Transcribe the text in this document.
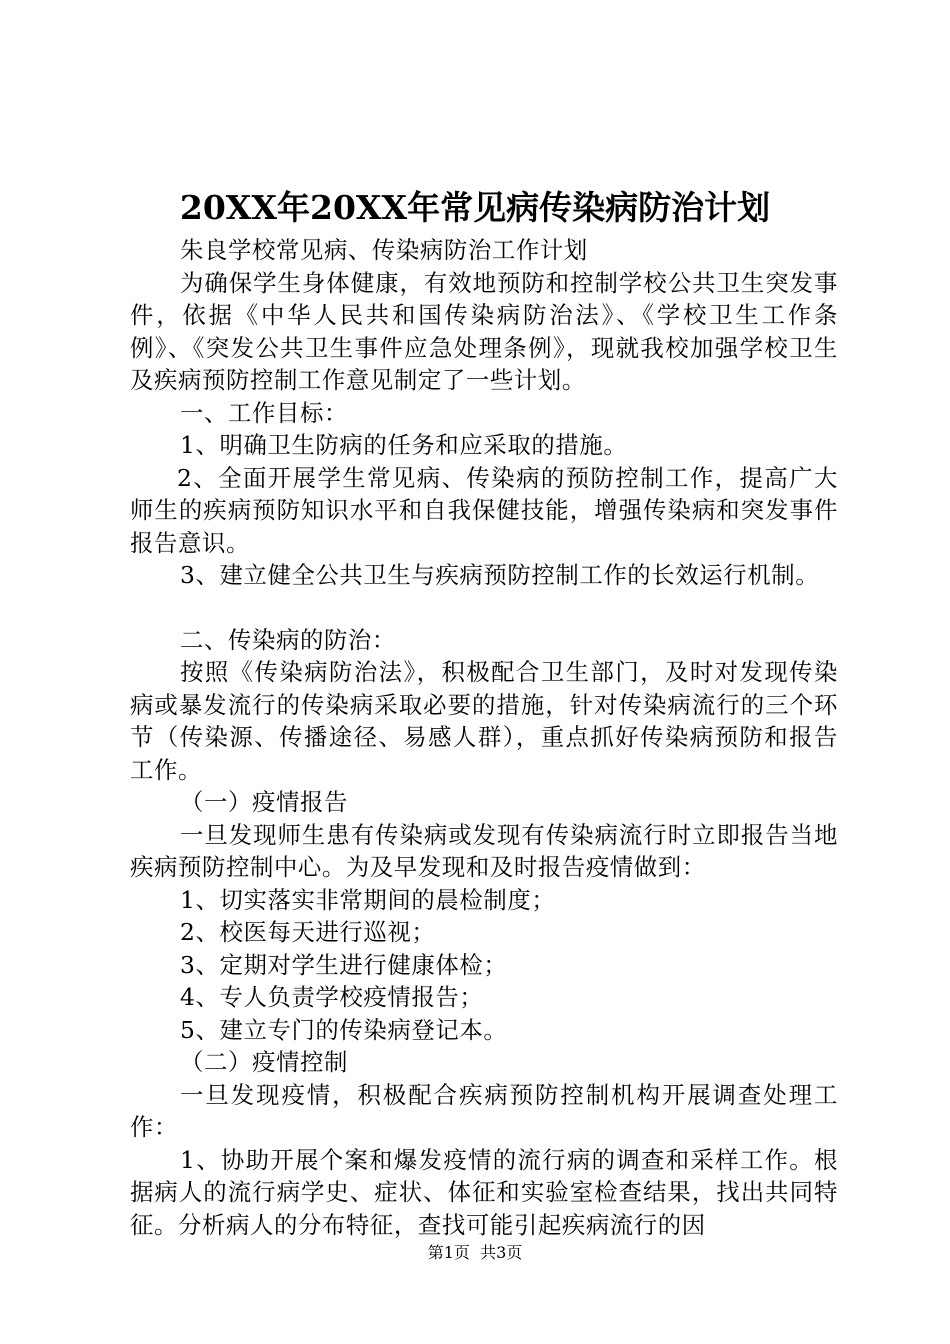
20XX年20XX年常见病传染病防治计划

朱良学校常见病、传染病防治工作计划

为确保学生身体健康，有效地预防和控制学校公共卫生突发事件，依据《中华人民共和国传染病防治法》、《学校卫生工作条例》、《突发公共卫生事件应急处理条例》，现就我校加强学校卫生及疾病预防控制工作意见制定了一些计划。

一、工作目标：

1、明确卫生防病的任务和应采取的措施。

2、全面开展学生常见病、传染病的预防控制工作，提高广大师生的疾病预防知识水平和自我保健技能，增强传染病和突发事件报告意识。

3、建立健全公共卫生与疾病预防控制工作的长效运行机制。

二、传染病的防治：

按照《传染病防治法》，积极配合卫生部门，及时对发现传染病或暴发流行的传染病采取必要的措施，针对传染病流行的三个环节（传染源、传播途径、易感人群），重点抓好传染病预防和报告工作。

（一）疫情报告

一旦发现师生患有传染病或发现有传染病流行时立即报告当地疾病预防控制中心。为及早发现和及时报告疫情做到：

1、切实落实非常期间的晨检制度；

2、校医每天进行巡视；

3、定期对学生进行健康体检；

4、专人负责学校疫情报告；

5、建立专门的传染病登记本。

（二）疫情控制

一旦发现疫情，积极配合疾病预防控制机构开展调查处理工作：

1、协助开展个案和爆发疫情的流行病的调查和采样工作。根据病人的流行病学史、症状、体征和实验室检查结果，找出共同特征。分析病人的分布特征，查找可能引起疾病流行的因

第1页  共3页
